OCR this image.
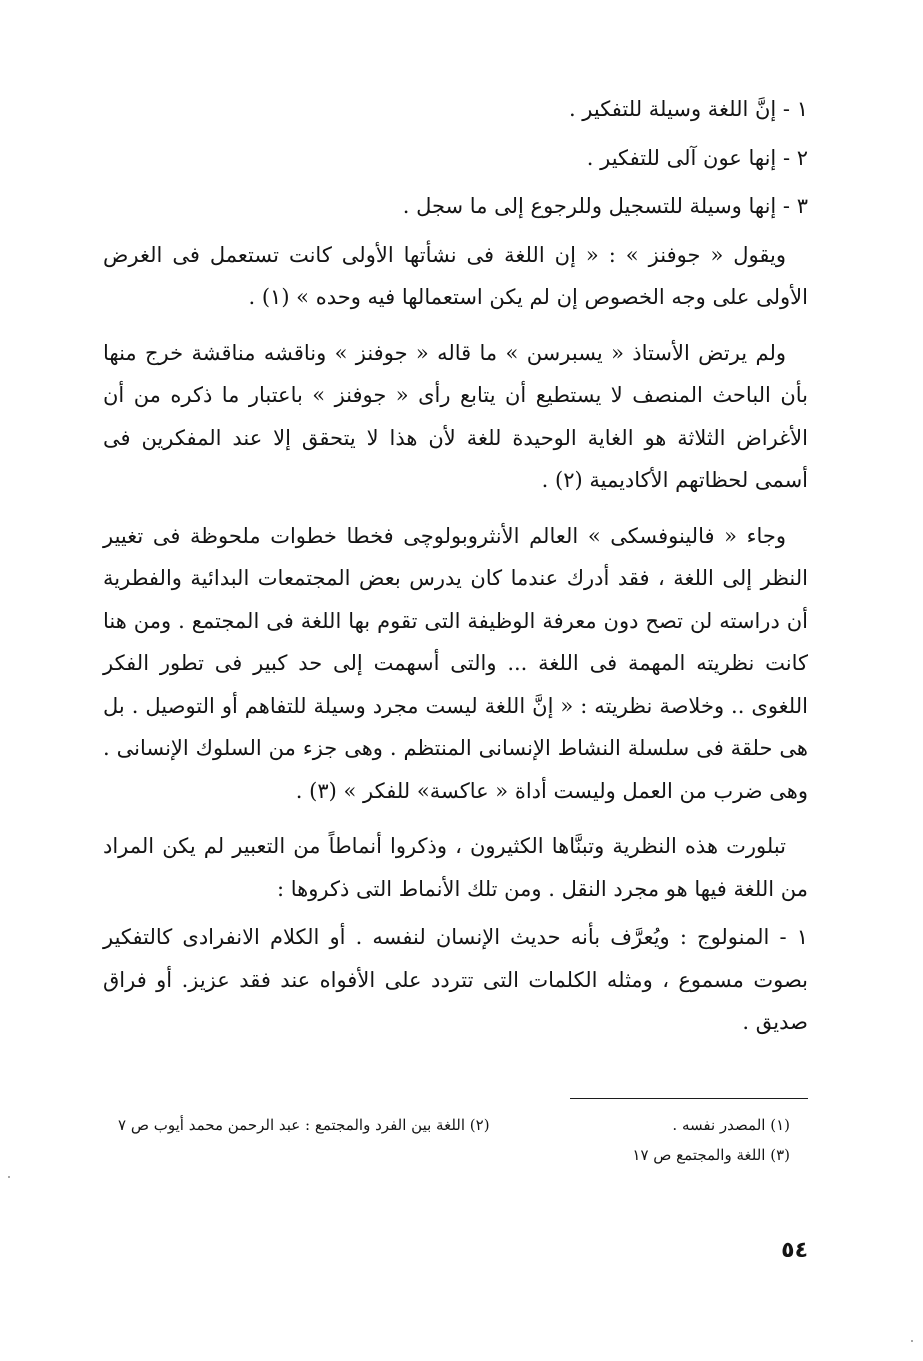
١ - إنَّ اللغة وسيلة للتفكير .

٢ - إنها عون آلى للتفكير .

٣ - إنها وسيلة للتسجيل وللرجوع إلى ما سجل .

ويقول « جوفنز » : « إن اللغة فى نشأتها الأولى كانت تستعمل فى الغرض الأولى على وجه الخصوص إن لم يكن استعمالها فيه وحده » (١) .

ولم يرتض الأستاذ « يسبرسن » ما قاله « جوفنز » وناقشه مناقشة خرج منها بأن الباحث المنصف لا يستطيع أن يتابع رأى « جوفنز » باعتبار ما ذكره من أن الأغراض الثلاثة هو الغاية الوحيدة للغة لأن هذا لا يتحقق إلا عند المفكرين فى أسمى لحظاتهم الأكاديمية (٢) .

وجاء « فالينوفسكى » العالم الأنثروبولوچى فخطا خطوات ملحوظة فى تغيير النظر إلى اللغة ، فقد أدرك عندما كان يدرس بعض المجتمعات البدائية والفطرية أن دراسته لن تصح دون معرفة الوظيفة التى تقوم بها اللغة فى المجتمع . ومن هنا كانت نظريته المهمة فى اللغة ... والتى أسهمت إلى حد كبير فى تطور الفكر اللغوى .. وخلاصة نظريته : « إنَّ اللغة ليست مجرد وسيلة للتفاهم أو التوصيل . بل هى حلقة فى سلسلة النشاط الإنسانى المنتظم . وهى جزء من السلوك الإنسانى . وهى ضرب من العمل وليست أداة « عاكسة» للفكر » (٣) .

تبلورت هذه النظرية وتبنَّاها الكثيرون ، وذكروا أنماطاً من التعبير لم يكن المراد من اللغة فيها هو مجرد النقل . ومن تلك الأنماط التى ذكروها :

١ - المنولوج : ويُعرَّف بأنه حديث الإنسان لنفسه . أو الكلام الانفرادى كالتفكير بصوت مسموع ، ومثله الكلمات التى تتردد على الأفواه عند فقد عزيز. أو فراق صديق .

(١) المصدر نفسه .
(٢) اللغة بين الفرد والمجتمع : عبد الرحمن محمد أيوب ص ٧
(٣) اللغة والمجتمع ص ١٧
٥٤
